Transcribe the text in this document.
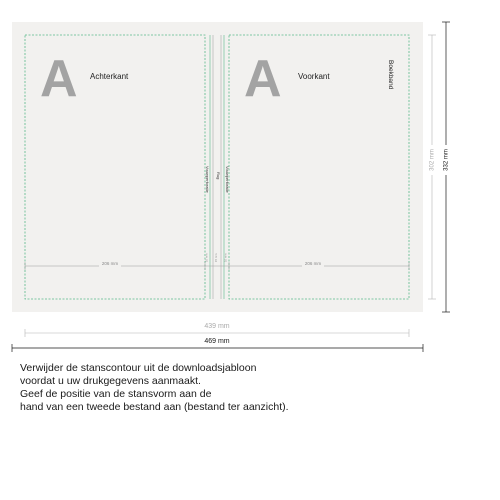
A	A
Achterkant	Voorkant	Boekband
Vouwperforatie Rug Vouwperforatie
206 mm	206 mm
10 mm 15 mm 10 mm
302 mm 332 mm
439 mm
469 mm
Verwijder de stanscontour uit de downloadsjabloon
voordat u uw drukgegevens aanmaakt.
Geef de positie van de stansvorm aan de
hand van een tweede bestand aan (bestand ter aanzicht).
